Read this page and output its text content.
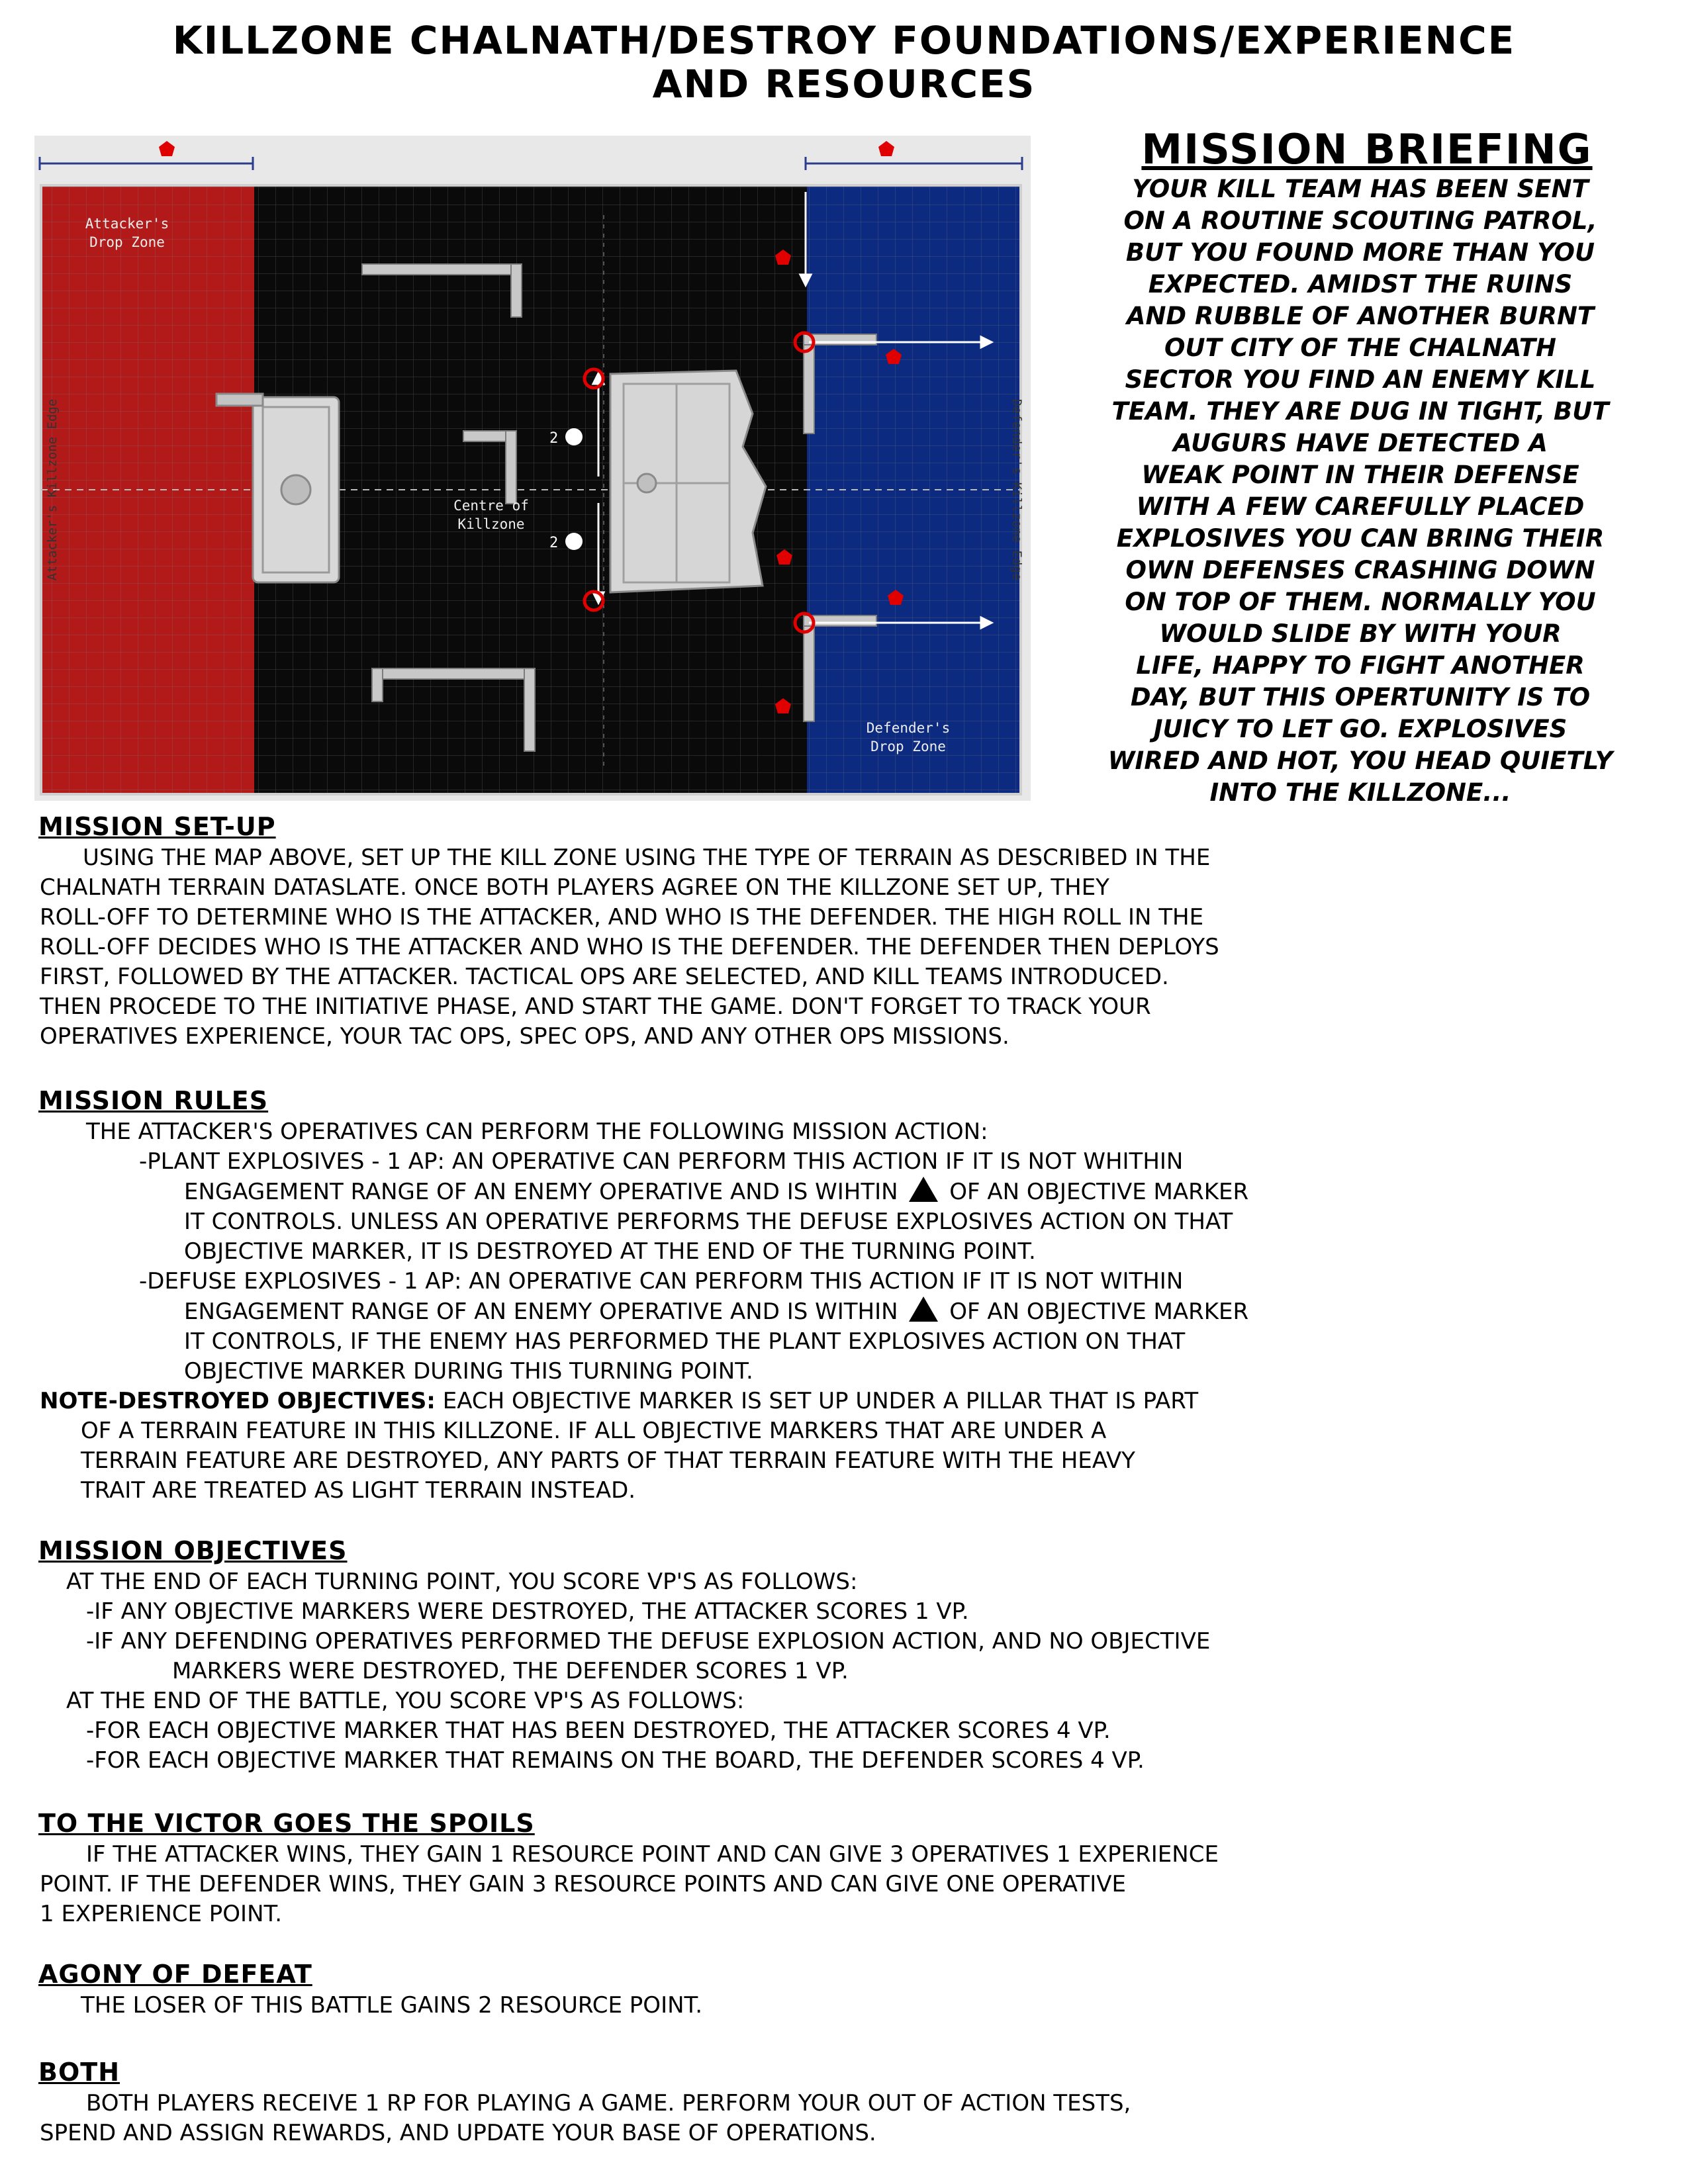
KILLZONE CHALNATH/DESTROY FOUNDATIONS/EXPERIENCE
AND RESOURCES
2
2
Attacker's
Drop Zone
Defender's
Drop Zone
Centre of
Killzone
Attacker's Killzone Edge	Defender's Killzone Edge
MISSION BRIEFING
YOUR KILL TEAM HAS BEEN SENT
ON A ROUTINE SCOUTING PATROL,
BUT YOU FOUND MORE THAN YOU
EXPECTED. AMIDST THE RUINS
AND RUBBLE OF ANOTHER BURNT
OUT CITY OF THE CHALNATH
SECTOR YOU FIND AN ENEMY KILL
TEAM. THEY ARE DUG IN TIGHT, BUT
AUGURS HAVE DETECTED A
WEAK POINT IN THEIR DEFENSE
WITH A FEW CAREFULLY PLACED
EXPLOSIVES YOU CAN BRING THEIR
OWN DEFENSES CRASHING DOWN
ON TOP OF THEM. NORMALLY YOU
WOULD SLIDE BY WITH YOUR
LIFE, HAPPY TO FIGHT ANOTHER
DAY, BUT THIS OPERTUNITY IS TO
JUICY TO LET GO. EXPLOSIVES
WIRED AND HOT, YOU HEAD QUIETLY
INTO THE KILLZONE...
MISSION SET-UP
USING THE MAP ABOVE, SET UP THE KILL ZONE USING THE TYPE OF TERRAIN AS DESCRIBED IN THE
CHALNATH TERRAIN DATASLATE. ONCE BOTH PLAYERS AGREE ON THE KILLZONE SET UP, THEY
ROLL-OFF TO DETERMINE WHO IS THE ATTACKER, AND WHO IS THE DEFENDER. THE HIGH ROLL IN THE
ROLL-OFF DECIDES WHO IS THE ATTACKER AND WHO IS THE DEFENDER. THE DEFENDER THEN DEPLOYS
FIRST, FOLLOWED BY THE ATTACKER. TACTICAL OPS ARE SELECTED, AND KILL TEAMS INTRODUCED.
THEN PROCEDE TO THE INITIATIVE PHASE, AND START THE GAME. DON'T FORGET TO TRACK YOUR
OPERATIVES EXPERIENCE, YOUR TAC OPS, SPEC OPS, AND ANY OTHER OPS MISSIONS.
MISSION RULES
THE ATTACKER'S OPERATIVES CAN PERFORM THE FOLLOWING MISSION ACTION:
-PLANT EXPLOSIVES - 1 AP: AN OPERATIVE CAN PERFORM THIS ACTION IF IT IS NOT WHITHIN
ENGAGEMENT RANGE OF AN ENEMY OPERATIVE AND IS WIHTIN OF AN OBJECTIVE MARKER
IT CONTROLS. UNLESS AN OPERATIVE PERFORMS THE DEFUSE EXPLOSIVES ACTION ON THAT
OBJECTIVE MARKER, IT IS DESTROYED AT THE END OF THE TURNING POINT.
-DEFUSE EXPLOSIVES - 1 AP: AN OPERATIVE CAN PERFORM THIS ACTION IF IT IS NOT WITHIN
ENGAGEMENT RANGE OF AN ENEMY OPERATIVE AND IS WITHIN OF AN OBJECTIVE MARKER
IT CONTROLS, IF THE ENEMY HAS PERFORMED THE PLANT EXPLOSIVES ACTION ON THAT
OBJECTIVE MARKER DURING THIS TURNING POINT.
NOTE-DESTROYED OBJECTIVES: EACH OBJECTIVE MARKER IS SET UP UNDER A PILLAR THAT IS PART
OF A TERRAIN FEATURE IN THIS KILLZONE. IF ALL OBJECTIVE MARKERS THAT ARE UNDER A
TERRAIN FEATURE ARE DESTROYED, ANY PARTS OF THAT TERRAIN FEATURE WITH THE HEAVY
TRAIT ARE TREATED AS LIGHT TERRAIN INSTEAD.
MISSION OBJECTIVES
AT THE END OF EACH TURNING POINT, YOU SCORE VP'S AS FOLLOWS:
-IF ANY OBJECTIVE MARKERS WERE DESTROYED, THE ATTACKER SCORES 1 VP.
-IF ANY DEFENDING OPERATIVES PERFORMED THE DEFUSE EXPLOSION ACTION, AND NO OBJECTIVE
MARKERS WERE DESTROYED, THE DEFENDER SCORES 1 VP.
AT THE END OF THE BATTLE, YOU SCORE VP'S AS FOLLOWS:
-FOR EACH OBJECTIVE MARKER THAT HAS BEEN DESTROYED, THE ATTACKER SCORES 4 VP.
-FOR EACH OBJECTIVE MARKER THAT REMAINS ON THE BOARD, THE DEFENDER SCORES 4 VP.
TO THE VICTOR GOES THE SPOILS
IF THE ATTACKER WINS, THEY GAIN 1 RESOURCE POINT AND CAN GIVE 3 OPERATIVES 1 EXPERIENCE
POINT. IF THE DEFENDER WINS, THEY GAIN 3 RESOURCE POINTS AND CAN GIVE ONE OPERATIVE
1 EXPERIENCE POINT.
AGONY OF DEFEAT
THE LOSER OF THIS BATTLE GAINS 2 RESOURCE POINT.
BOTH
BOTH PLAYERS RECEIVE 1 RP FOR PLAYING A GAME. PERFORM YOUR OUT OF ACTION TESTS,
SPEND AND ASSIGN REWARDS, AND UPDATE YOUR BASE OF OPERATIONS.
